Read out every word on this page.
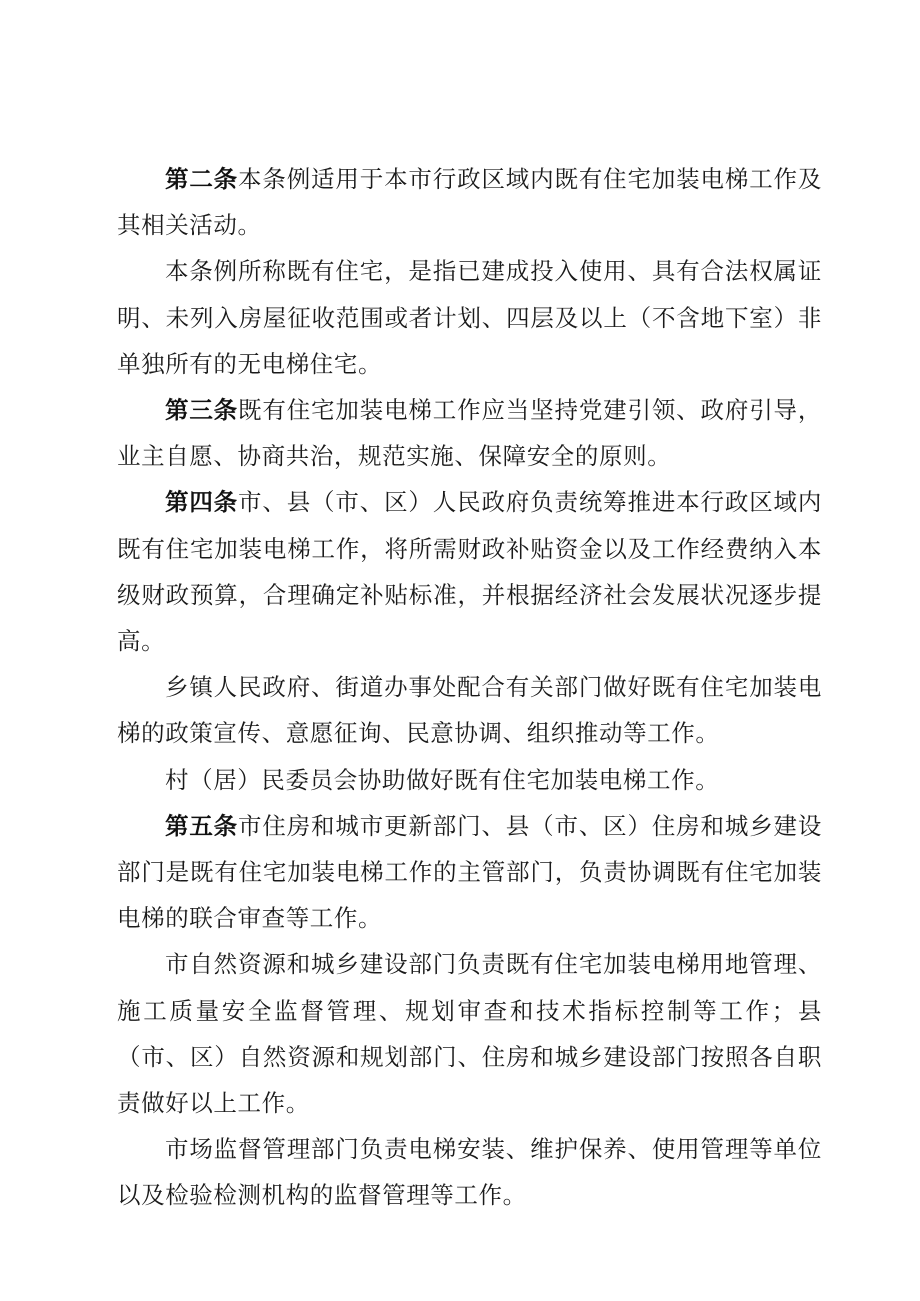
第二条本条例适用于本市行政区域内既有住宅加装电梯工作及其相关活动。

本条例所称既有住宅，是指已建成投入使用、具有合法权属证明、未列入房屋征收范围或者计划、四层及以上（不含地下室）非单独所有的无电梯住宅。

第三条既有住宅加装电梯工作应当坚持党建引领、政府引导，业主自愿、协商共治，规范实施、保障安全的原则。

第四条市、县（市、区）人民政府负责统筹推进本行政区域内既有住宅加装电梯工作，将所需财政补贴资金以及工作经费纳入本级财政预算，合理确定补贴标准，并根据经济社会发展状况逐步提高。

乡镇人民政府、街道办事处配合有关部门做好既有住宅加装电梯的政策宣传、意愿征询、民意协调、组织推动等工作。

村（居）民委员会协助做好既有住宅加装电梯工作。

第五条市住房和城市更新部门、县（市、区）住房和城乡建设部门是既有住宅加装电梯工作的主管部门，负责协调既有住宅加装电梯的联合审查等工作。

市自然资源和城乡建设部门负责既有住宅加装电梯用地管理、施工质量安全监督管理、规划审查和技术指标控制等工作；县（市、区）自然资源和规划部门、住房和城乡建设部门按照各自职责做好以上工作。

市场监督管理部门负责电梯安装、维护保养、使用管理等单位以及检验检测机构的监督管理等工作。
